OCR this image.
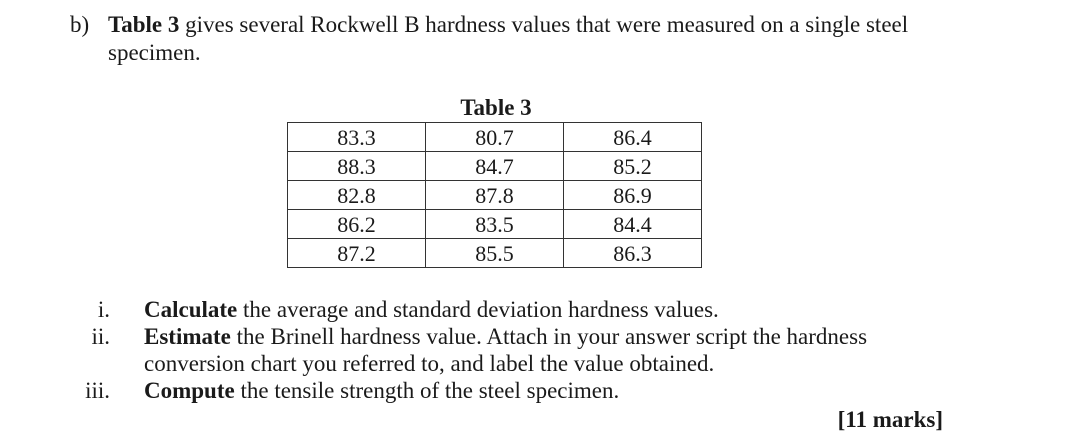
b) Table 3 gives several Rockwell B hardness values that were measured on a single steel specimen.
Table 3
83.3	80.7	86.4
88.3	84.7	85.2
82.8	87.8	86.9
86.2	83.5	84.4
87.2	85.5	86.3
i. Calculate the average and standard deviation hardness values.
ii. Estimate the Brinell hardness value. Attach in your answer script the hardness conversion chart you referred to, and label the value obtained.
iii. Compute the tensile strength of the steel specimen.
[11 marks]
